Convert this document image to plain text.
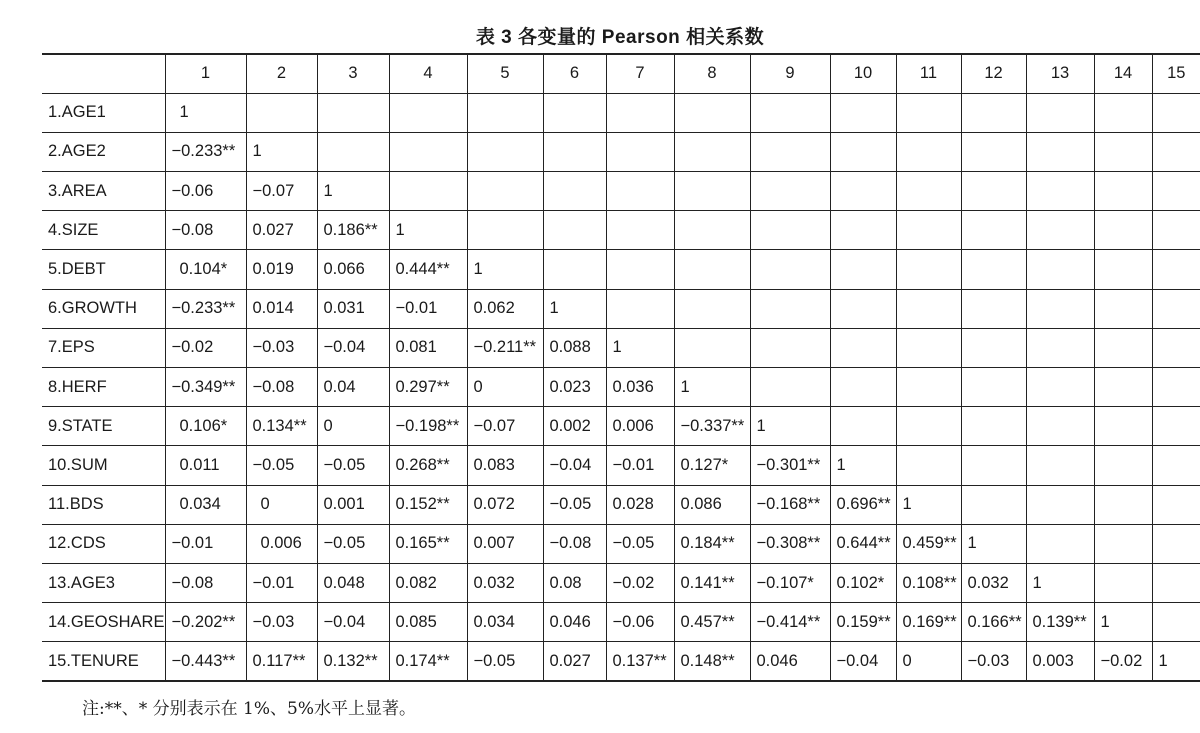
表 3 各变量的 Pearson 相关系数
	1	2	3	4	5	6	7	8	9	10	11	12	13	14	15
1.AGE1	1														
2.AGE2	−0.233**	1													
3.AREA	−0.06	−0.07	1												
4.SIZE	−0.08	0.027	0.186**	1											
5.DEBT	0.104*	0.019	0.066	0.444**	1										
6.GROWTH	−0.233**	0.014	0.031	−0.01	0.062	1									
7.EPS	−0.02	−0.03	−0.04	0.081	−0.211**	0.088	1								
8.HERF	−0.349**	−0.08	0.04	0.297**	0	0.023	0.036	1							
9.STATE	0.106*	0.134**	0	−0.198**	−0.07	0.002	0.006	−0.337**	1						
10.SUM	0.011	−0.05	−0.05	0.268**	0.083	−0.04	−0.01	0.127*	−0.301**	1					
11.BDS	0.034	0	0.001	0.152**	0.072	−0.05	0.028	0.086	−0.168**	0.696**	1				
12.CDS	−0.01	0.006	−0.05	0.165**	0.007	−0.08	−0.05	0.184**	−0.308**	0.644**	0.459**	1			
13.AGE3	−0.08	−0.01	0.048	0.082	0.032	0.08	−0.02	0.141**	−0.107*	0.102*	0.108**	0.032	1		
14.GEOSHARE	−0.202**	−0.03	−0.04	0.085	0.034	0.046	−0.06	0.457**	−0.414**	0.159**	0.169**	0.166**	0.139**	1	
15.TENURE	−0.443**	0.117**	0.132**	0.174**	−0.05	0.027	0.137**	0.148**	0.046	−0.04	0	−0.03	0.003	−0.02	1
注:**、* 分别表示在 1%、5%水平上显著。
